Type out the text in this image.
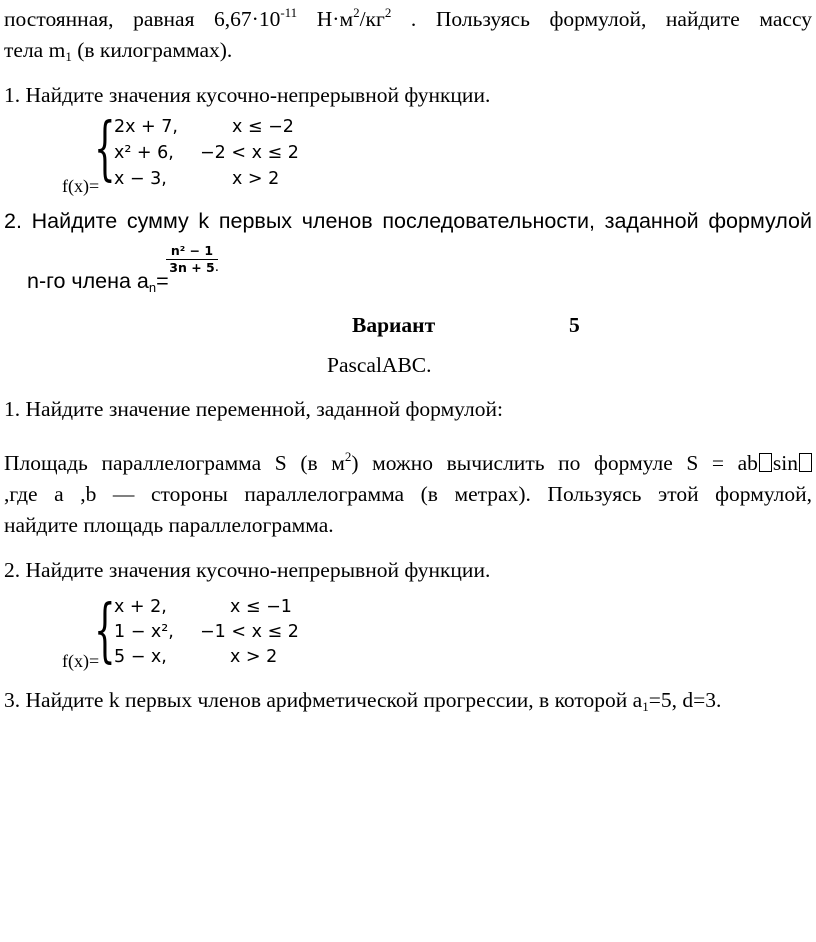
постоянная, равная $6,67\cdot 10^{-11}$ $Н\cdot м^2/кг^2$ . Пользуясь формулой, найдите массу
тела $m_1$ (в килограммах).
1. Найдите значения кусочно-непрерывной функции.
f(x)=
{
2x + 7,	x ≤ −2
x² + 6, −2 < x ≤ 2
x − 3,	x > 2
2. Найдите сумму k первых членов последовательности, заданной формулой
n-го члена $a_n=$
n² − 1
3n + 5 .
Вариант	5
PascalABC.
1. Найдите значение переменной, заданной формулой:
Площадь параллелограмма S (в $м^2$) можно вычислить по формуле S = ab sin
,где a ,b — стороны параллелограмма (в метрах). Пользуясь этой формулой,
найдите площадь параллелограмма.
2. Найдите значения кусочно-непрерывной функции.
f(x)=
{
x + 2,	x ≤ −1
1 − x², −1 < x ≤ 2
5 − x,	x > 2
3. Найдите k первых членов арифметической прогрессии, в которой $a_1=5$, d=3.
